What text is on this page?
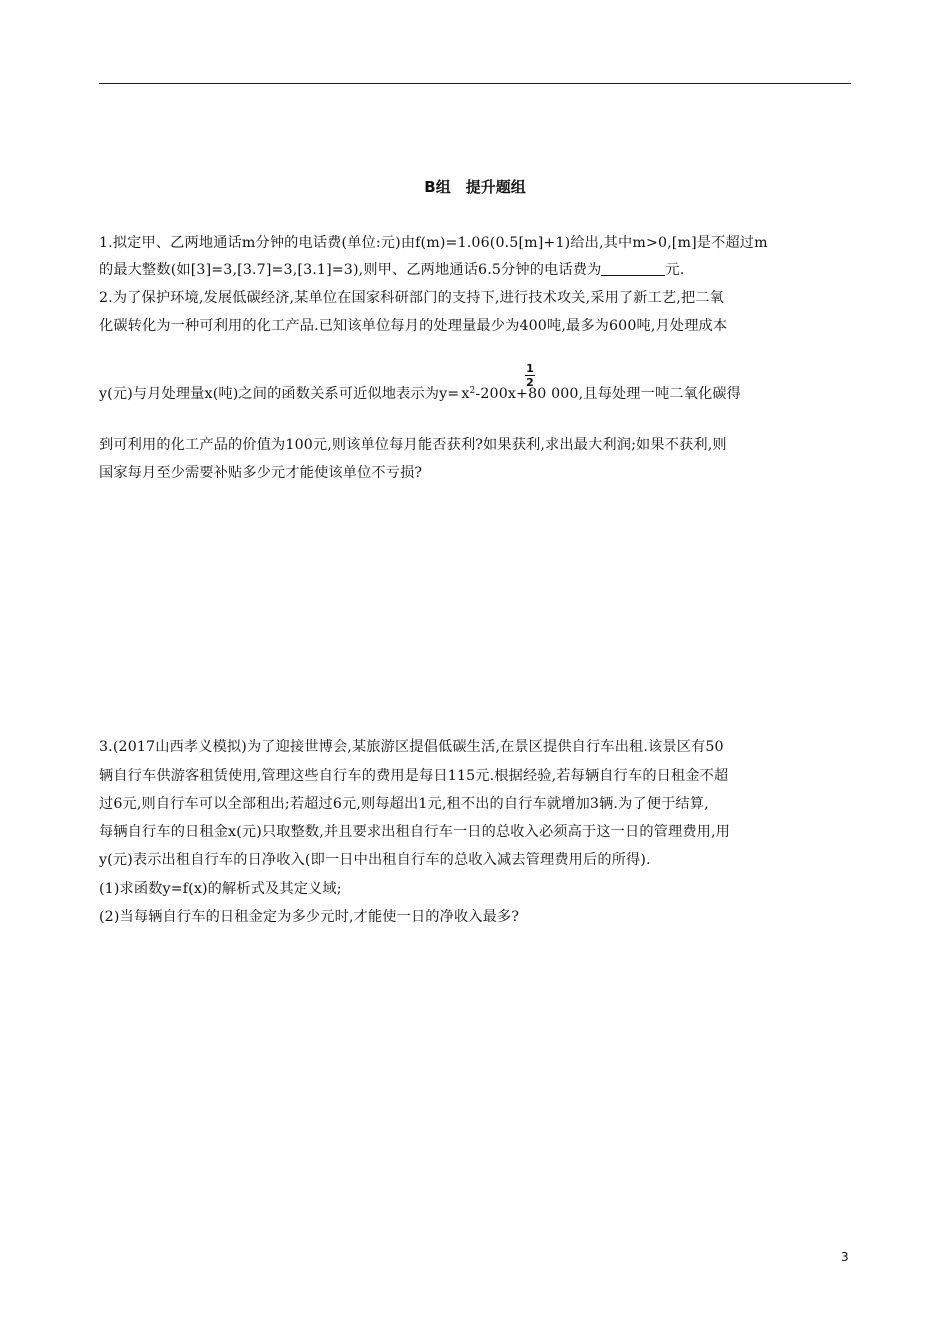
B组　提升题组
1.拟定甲、乙两地通话m分钟的电话费(单位:元)由f(m)=1.06(0.5[m]+1)给出,其中m>0,[m]是不超过m
的最大整数(如[3]=3,[3.7]=3,[3.1]=3),则甲、乙两地通话6.5分钟的电话费为	元.
2.为了保护环境,发展低碳经济,某单位在国家科研部门的支持下,进行技术攻关,采用了新工艺,把二氧
化碳转化为一种可利用的化工产品.已知该单位每月的处理量最少为400吨,最多为600吨,月处理成本
1
2
y(元)与月处理量x(吨)之间的函数关系可近似地表示为$y= x^2-200x+80$ 000,且每处理一吨二氧化碳得
到可利用的化工产品的价值为100元,则该单位每月能否获利?如果获利,求出最大利润;如果不获利,则
国家每月至少需要补贴多少元才能使该单位不亏损?
3.(2017山西孝义模拟)为了迎接世博会,某旅游区提倡低碳生活,在景区提供自行车出租.该景区有50
辆自行车供游客租赁使用,管理这些自行车的费用是每日115元.根据经验,若每辆自行车的日租金不超
过6元,则自行车可以全部租出;若超过6元,则每超出1元,租不出的自行车就增加3辆.为了便于结算,
每辆自行车的日租金x(元)只取整数,并且要求出租自行车一日的总收入必须高于这一日的管理费用,用
y(元)表示出租自行车的日净收入(即一日中出租自行车的总收入减去管理费用后的所得).
(1)求函数y=f(x)的解析式及其定义域;
(2)当每辆自行车的日租金定为多少元时,才能使一日的净收入最多?
3
